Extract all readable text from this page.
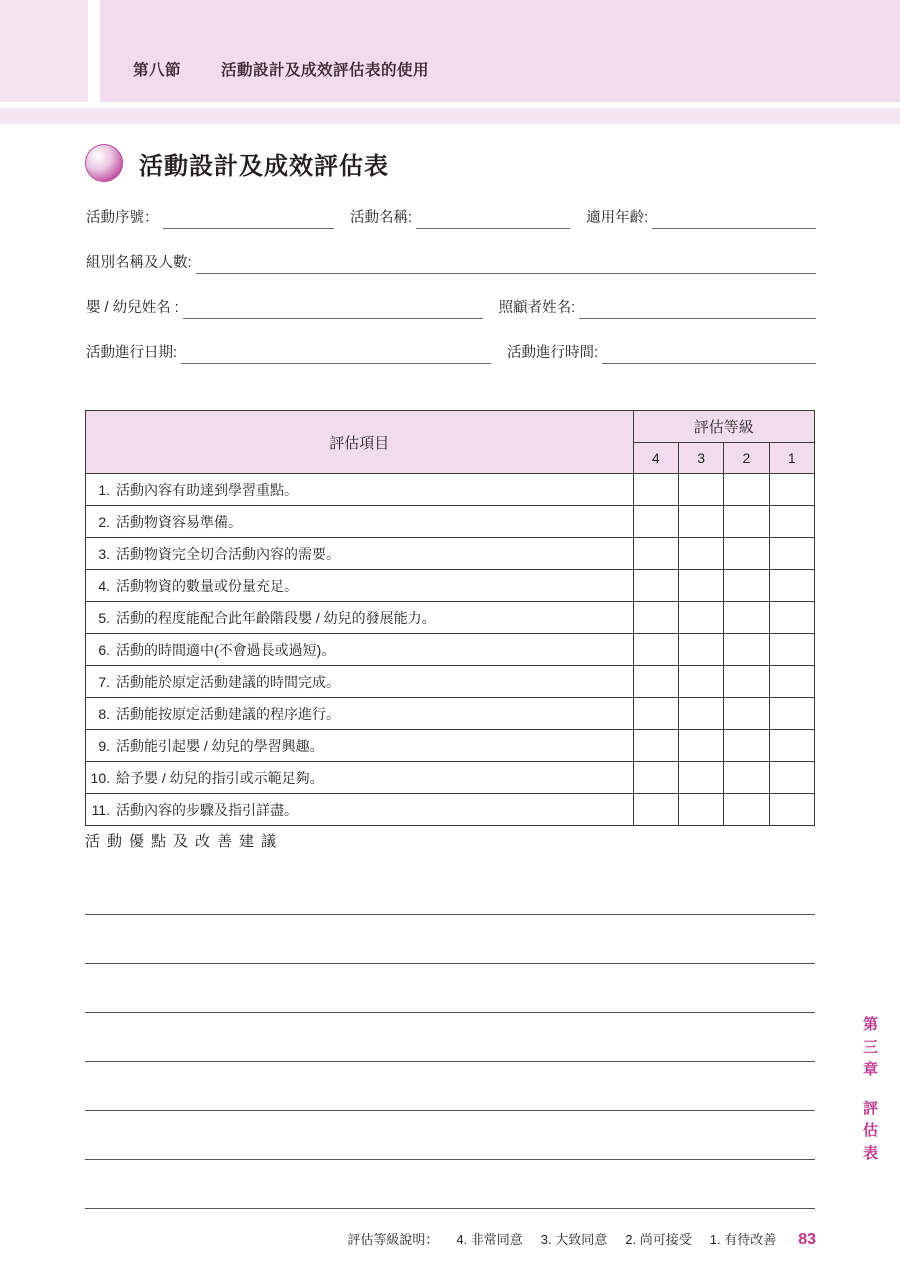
第八節	活動設計及成效評估表的使用
活動設計及成效評估表
活動序號：	活動名稱:	適用年齡:
組別名稱及人數:
嬰 / 幼兒姓名 :	照顧者姓名:
活動進行日期:	活動進行時間:
評估項目	評估等級			
	4	3	2	1
1. 活動內容有助達到學習重點。				
2. 活動物資容易準備。				
3. 活動物資完全切合活動內容的需要。				
4. 活動物資的數量或份量充足。				
5. 活動的程度能配合此年齡階段嬰 / 幼兒的發展能力。				
6. 活動的時間適中(不會過長或過短)。				
7. 活動能於原定活動建議的時間完成。				
8. 活動能按原定活動建議的程序進行。				
9. 活動能引起嬰 / 幼兒的學習興趣。				
10. 給予嬰 / 幼兒的指引或示範足夠。				
11. 活動內容的步驟及指引詳盡。				
活動優點及改善建議
第三章
評估表
評估等級說明： 4. 非常同意 3. 大致同意 2. 尚可接受 1. 有待改善 83
